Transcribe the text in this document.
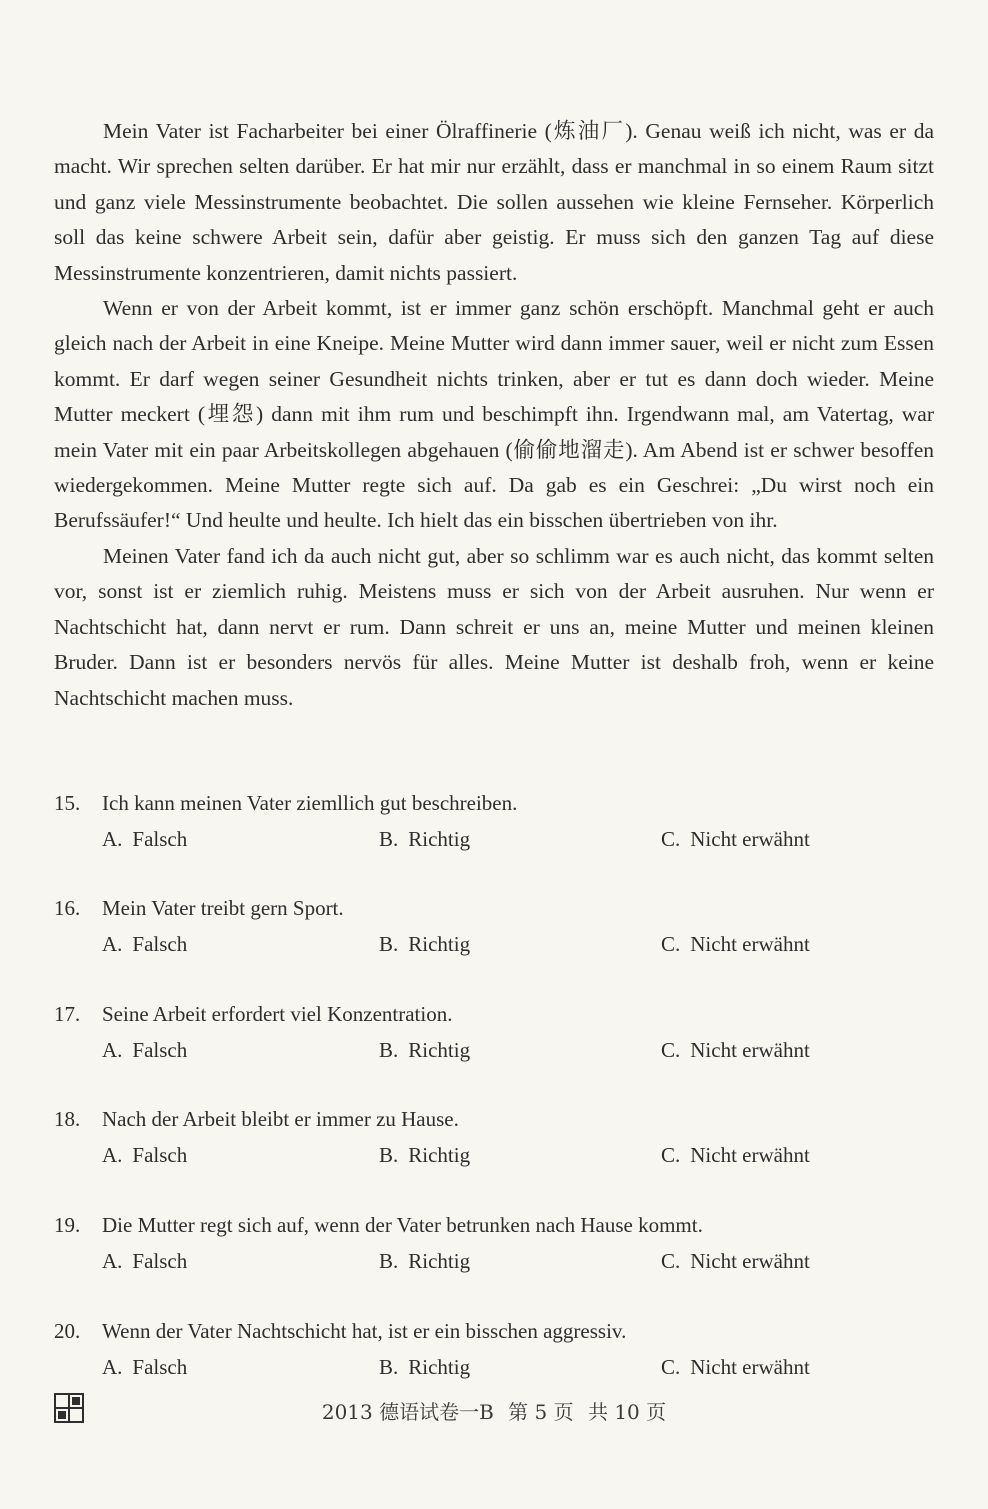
Mein Vater ist Facharbeiter bei einer Ölraffinerie (炼油厂). Genau weiß ich nicht, was er da macht. Wir sprechen selten darüber. Er hat mir nur erzählt, dass er manchmal in so einem Raum sitzt und ganz viele Messinstrumente beobachtet. Die sollen aussehen wie kleine Fernseher. Körperlich soll das keine schwere Arbeit sein, dafür aber geistig. Er muss sich den ganzen Tag auf diese Messinstrumente konzentrieren, damit nichts passiert.

Wenn er von der Arbeit kommt, ist er immer ganz schön erschöpft. Manchmal geht er auch gleich nach der Arbeit in eine Kneipe. Meine Mutter wird dann immer sauer, weil er nicht zum Essen kommt. Er darf wegen seiner Gesundheit nichts trinken, aber er tut es dann doch wieder. Meine Mutter meckert (埋怨) dann mit ihm rum und beschimpft ihn. Irgendwann mal, am Vatertag, war mein Vater mit ein paar Arbeitskollegen abgehauen (偷偷地溜走). Am Abend ist er schwer besoffen wiedergekommen. Meine Mutter regte sich auf. Da gab es ein Geschrei: „Du wirst noch ein Berufssäufer!“ Und heulte und heulte. Ich hielt das ein bisschen übertrieben von ihr.

Meinen Vater fand ich da auch nicht gut, aber so schlimm war es auch nicht, das kommt selten vor, sonst ist er ziemlich ruhig. Meistens muss er sich von der Arbeit ausruhen. Nur wenn er Nachtschicht hat, dann nervt er rum. Dann schreit er uns an, meine Mutter und meinen kleinen Bruder. Dann ist er besonders nervös für alles. Meine Mutter ist deshalb froh, wenn er keine Nachtschicht machen muss.

15. Ich kann meinen Vater ziemllich gut beschreiben.
A. Falsch	B. Richtig	C. Nicht erwähnt
16. Mein Vater treibt gern Sport.
A. Falsch	B. Richtig	C. Nicht erwähnt
17. Seine Arbeit erfordert viel Konzentration.
A. Falsch	B. Richtig	C. Nicht erwähnt
18. Nach der Arbeit bleibt er immer zu Hause.
A. Falsch	B. Richtig	C. Nicht erwähnt
19. Die Mutter regt sich auf, wenn der Vater betrunken nach Hause kommt.
A. Falsch	B. Richtig	C. Nicht erwähnt
20. Wenn der Vater Nachtschicht hat, ist er ein bisschen aggressiv.
A. Falsch	B. Richtig	C. Nicht erwähnt
2013 德语试卷一B 第 5 页 共 10 页
